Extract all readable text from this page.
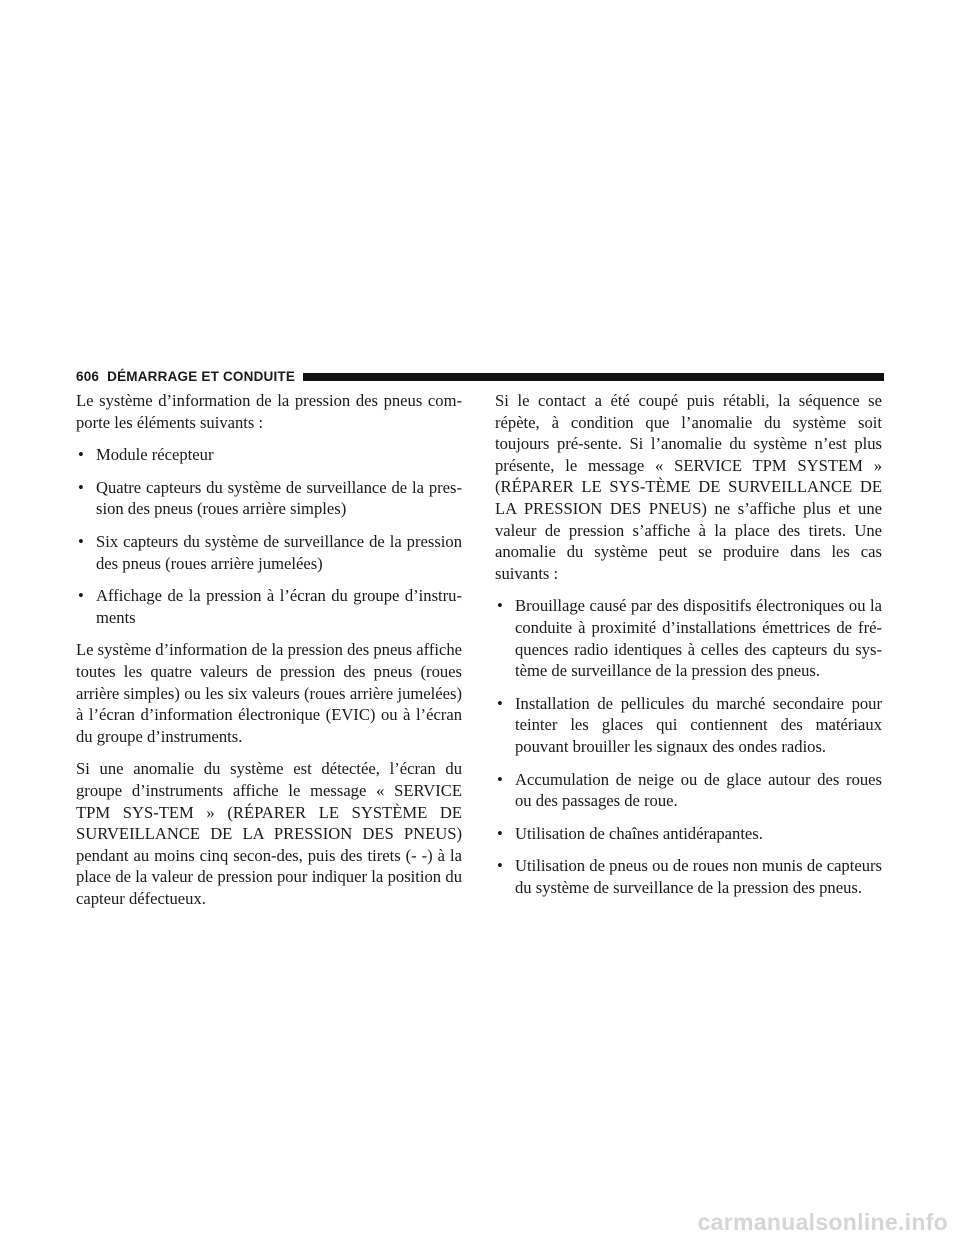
606 DÉMARRAGE ET CONDUITE

Le système d’information de la pression des pneus com-porte les éléments suivants :

• Module récepteur
• Quatre capteurs du système de surveillance de la pres-sion des pneus (roues arrière simples)
• Six capteurs du système de surveillance de la pression des pneus (roues arrière jumelées)
• Affichage de la pression à l’écran du groupe d’instru-ments

Le système d’information de la pression des pneus affiche toutes les quatre valeurs de pression des pneus (roues arrière simples) ou les six valeurs (roues arrière jumelées) à l’écran d’information électronique (EVIC) ou à l’écran du groupe d’instruments.

Si une anomalie du système est détectée, l’écran du groupe d’instruments affiche le message « SERVICE TPM SYS-TEM » (RÉPARER LE SYSTÈME DE SURVEILLANCE DE LA PRESSION DES PNEUS) pendant au moins cinq secon-des, puis des tirets (- -) à la place de la valeur de pression pour indiquer la position du capteur défectueux.

Si le contact a été coupé puis rétabli, la séquence se répète, à condition que l’anomalie du système soit toujours pré-sente. Si l’anomalie du système n’est plus présente, le message « SERVICE TPM SYSTEM » (RÉPARER LE SYS-TÈME DE SURVEILLANCE DE LA PRESSION DES PNEUS) ne s’affiche plus et une valeur de pression s’affiche à la place des tirets. Une anomalie du système peut se produire dans les cas suivants :

• Brouillage causé par des dispositifs électroniques ou la conduite à proximité d’installations émettrices de fré-quences radio identiques à celles des capteurs du sys-tème de surveillance de la pression des pneus.
• Installation de pellicules du marché secondaire pour teinter les glaces qui contiennent des matériaux pouvant brouiller les signaux des ondes radios.
• Accumulation de neige ou de glace autour des roues ou des passages de roue.
• Utilisation de chaînes antidérapantes.
• Utilisation de pneus ou de roues non munis de capteurs du système de surveillance de la pression des pneus.
carmanualsonline.info
